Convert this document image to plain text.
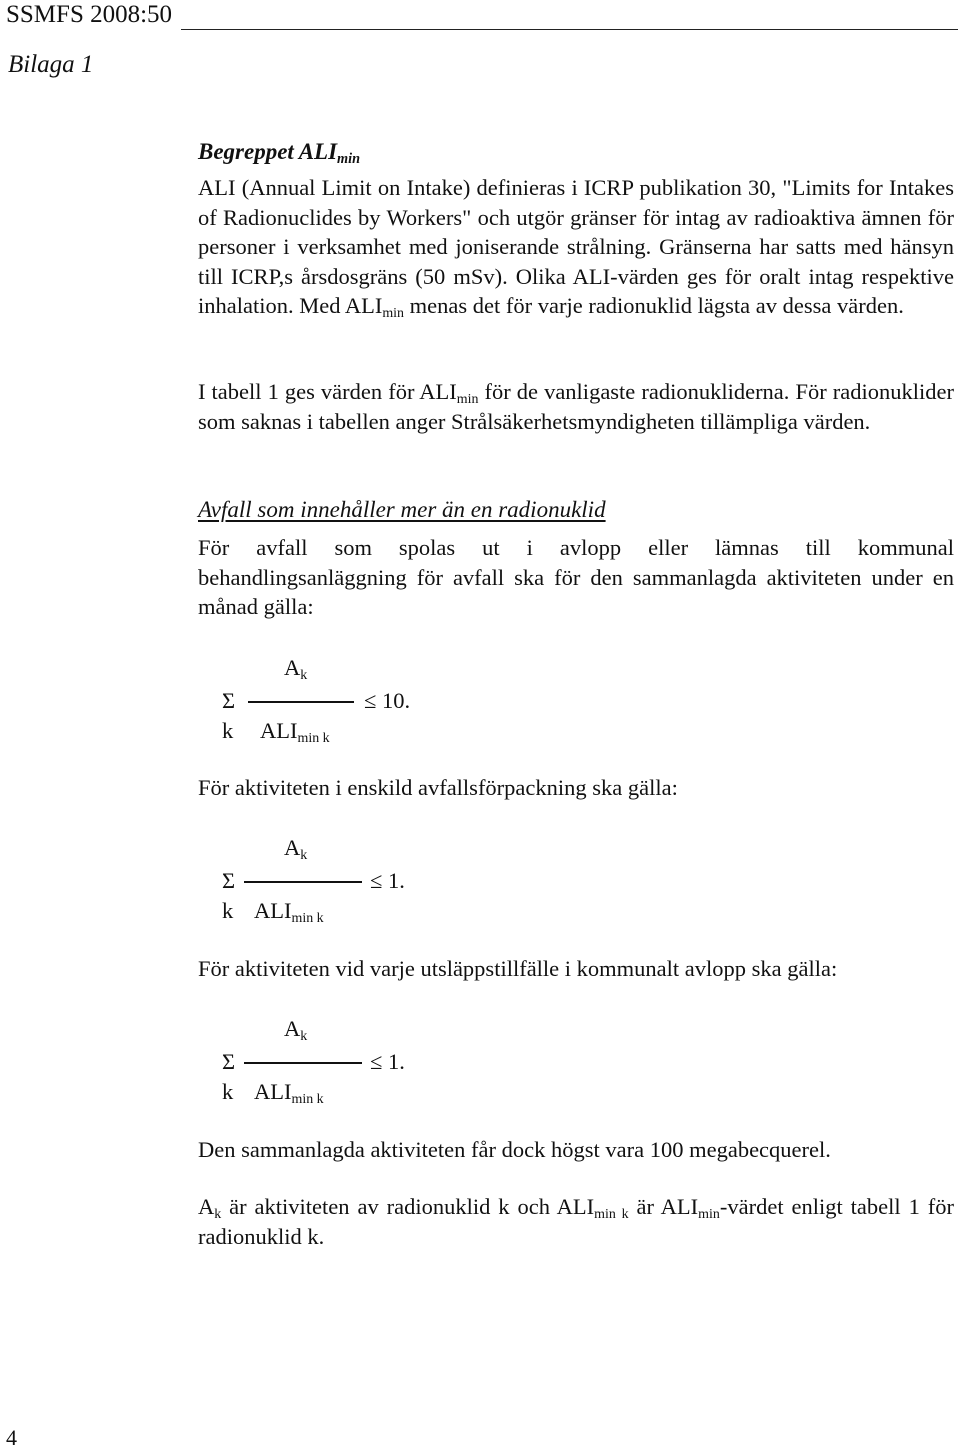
SSMFS 2008:50
Bilaga 1
Begreppet $ALI_{min}$
ALI (Annual Limit on Intake) definieras i ICRP publikation 30, "Limits for Intakes of Radionuclides by Workers" och utgör gränser för intag av radioaktiva ämnen för personer i verksamhet med joniserande strålning. Gränserna har satts med hänsyn till ICRP,s årsdosgräns (50 mSv). Olika ALI-värden ges för oralt intag respektive inhalation. Med $ALI_{min}$ menas det för varje radionuklid lägsta av dessa värden.
I tabell 1 ges värden för $ALI_{min}$ för de vanligaste radionukliderna. För radionuklider som saknas i tabellen anger Strålsäkerhetsmyndigheten tillämpliga värden.
Avfall som innehåller mer än en radionuklid
För avfall som spolas ut i avlopp eller lämnas till kommunal behandlingsanläggning för avfall ska för den sammanlagda aktiviteten under en månad gälla:
$A_k$
Σ	≤ 10.
k $ALI_{min k}$
För aktiviteten i enskild avfallsförpackning ska gälla:
$A_k$
Σ	≤ 1.
k $ALI_{min k}$
För aktiviteten vid varje utsläppstillfälle i kommunalt avlopp ska gälla:
$A_k$
Σ	≤ 1.
k $ALI_{min k}$
Den sammanlagda aktiviteten får dock högst vara 100 megabecquerel.
$A_k$ är aktiviteten av radionuklid k och $ALI_{min k}$ är $ALI_{min}$-värdet enligt tabell 1 för radionuklid k.
4
